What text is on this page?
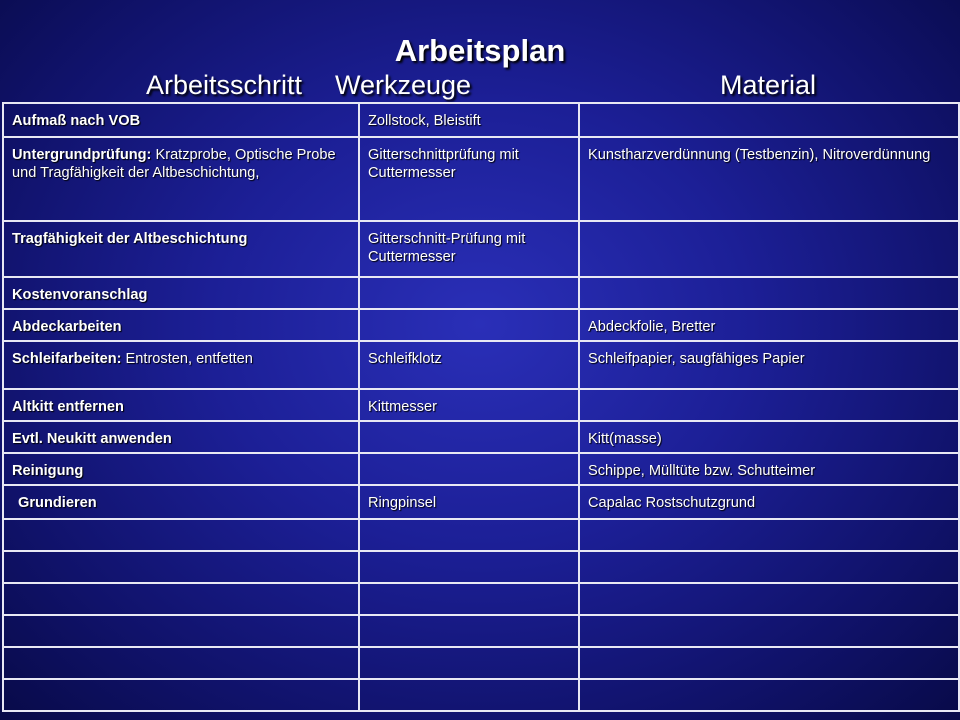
Arbeitsplan
Arbeitsschritt Werkzeuge	Material
Aufmaß nach VOB	Zollstock, Bleistift	
Untergrundprüfung: Kratzprobe, Optische Probe und Tragfähigkeit der Altbeschichtung,	Gitterschnittprüfung mit Cuttermesser	Kunstharzverdünnung (Testbenzin), Nitroverdünnung
Tragfähigkeit der Altbeschichtung	Gitterschnitt-Prüfung mit Cuttermesser	
Kostenvoranschlag		
Abdeckarbeiten		Abdeckfolie, Bretter
Schleifarbeiten: Entrosten, entfetten	Schleifklotz	Schleifpapier, saugfähiges Papier
Altkitt entfernen	Kittmesser	
Evtl. Neukitt anwenden		Kitt(masse)
Reinigung		Schippe, Mülltüte bzw. Schutteimer
Grundieren	Ringpinsel	Capalac Rostschutzgrund
